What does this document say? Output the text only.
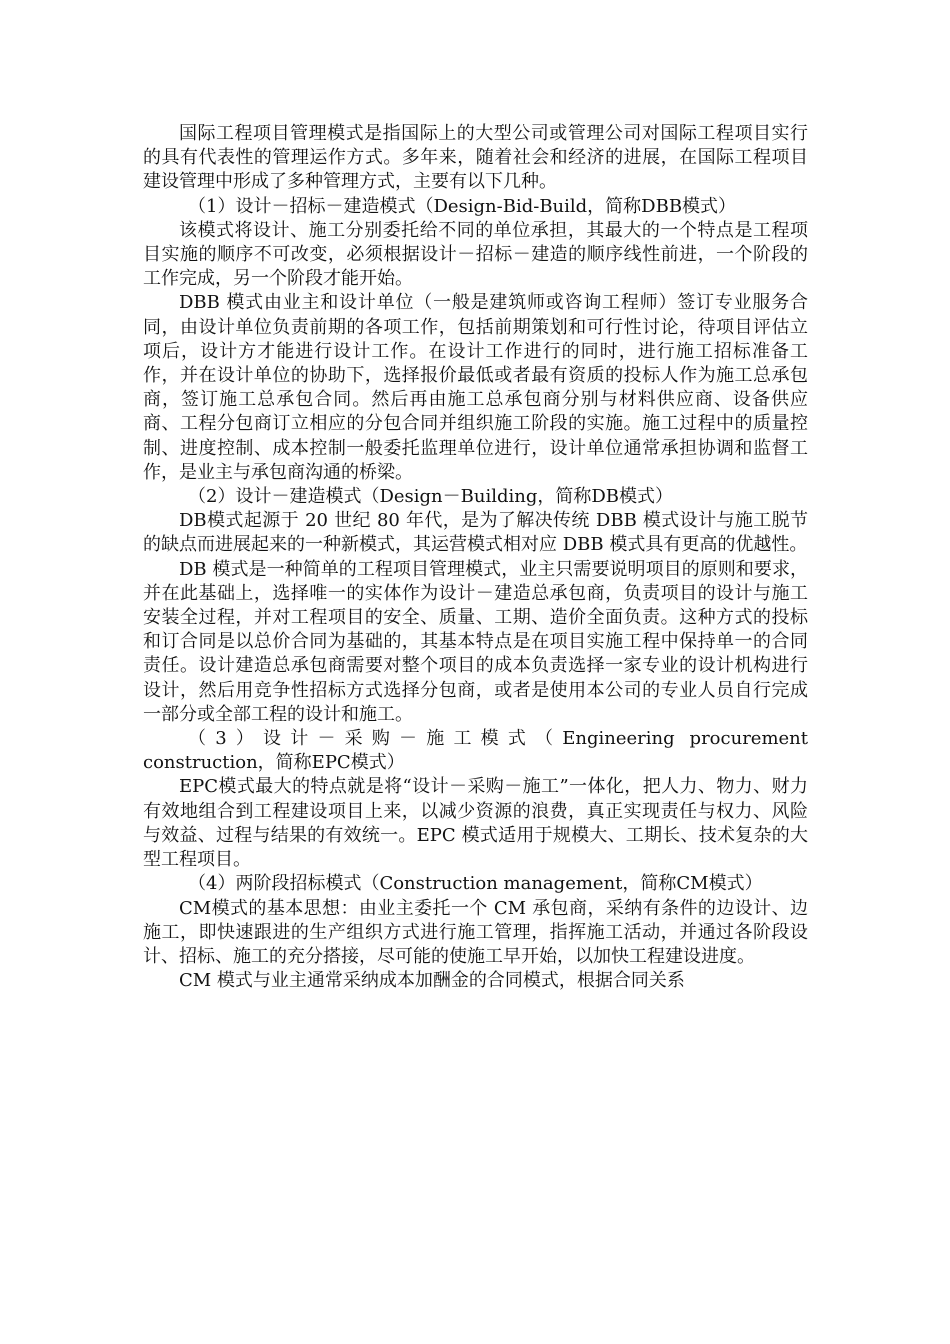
国际工程项目管理模式是指国际上的大型公司或管理公司对国际工程项目实行的具有代表性的管理运作方式。多年来，随着社会和经济的进展，在国际工程项目建设管理中形成了多种管理方式，主要有以下几种。

（1）设计－招标－建造模式（Design-Bid-Build，简称DBB模式）

该模式将设计、施工分别委托给不同的单位承担，其最大的一个特点是工程项目实施的顺序不可改变，必须根据设计－招标－建造的顺序线性前进，一个阶段的工作完成，另一个阶段才能开始。

DBB 模式由业主和设计单位（一般是建筑师或咨询工程师）签订专业服务合同，由设计单位负责前期的各项工作，包括前期策划和可行性讨论，待项目评估立项后，设计方才能进行设计工作。在设计工作进行的同时，进行施工招标准备工作，并在设计单位的协助下，选择报价最低或者最有资质的投标人作为施工总承包商，签订施工总承包合同。然后再由施工总承包商分别与材料供应商、设备供应商、工程分包商订立相应的分包合同并组织施工阶段的实施。施工过程中的质量控制、进度控制、成本控制一般委托监理单位进行，设计单位通常承担协调和监督工作，是业主与承包商沟通的桥梁。

（2）设计－建造模式（Design－Building，简称DB模式）

DB模式起源于 20 世纪 80 年代，是为了解决传统 DBB 模式设计与施工脱节的缺点而进展起来的一种新模式，其运营模式相对应 DBB 模式具有更高的优越性。

DB 模式是一种简单的工程项目管理模式，业主只需要说明项目的原则和要求，并在此基础上，选择唯一的实体作为设计－建造总承包商，负责项目的设计与施工安装全过程，并对工程项目的安全、质量、工期、造价全面负责。这种方式的投标和订合同是以总价合同为基础的，其基本特点是在项目实施工程中保持单一的合同责任。设计建造总承包商需要对整个项目的成本负责选择一家专业的设计机构进行设计，然后用竞争性招标方式选择分包商，或者是使用本公司的专业人员自行完成一部分或全部工程的设计和施工。

（3）设计－采购－施工模式（Engineering procurement construction，简称EPC模式）

EPC模式最大的特点就是将“设计－采购－施工”一体化，把人力、物力、财力有效地组合到工程建设项目上来，以减少资源的浪费，真正实现责任与权力、风险与效益、过程与结果的有效统一。EPC 模式适用于规模大、工期长、技术复杂的大型工程项目。

（4）两阶段招标模式（Construction management，简称CM模式）

CM模式的基本思想：由业主委托一个 CM 承包商，采纳有条件的边设计、边施工，即快速跟进的生产组织方式进行施工管理，指挥施工活动，并通过各阶段设计、招标、施工的充分搭接，尽可能的使施工早开始，以加快工程建设进度。

CM 模式与业主通常采纳成本加酬金的合同模式，根据合同关系
